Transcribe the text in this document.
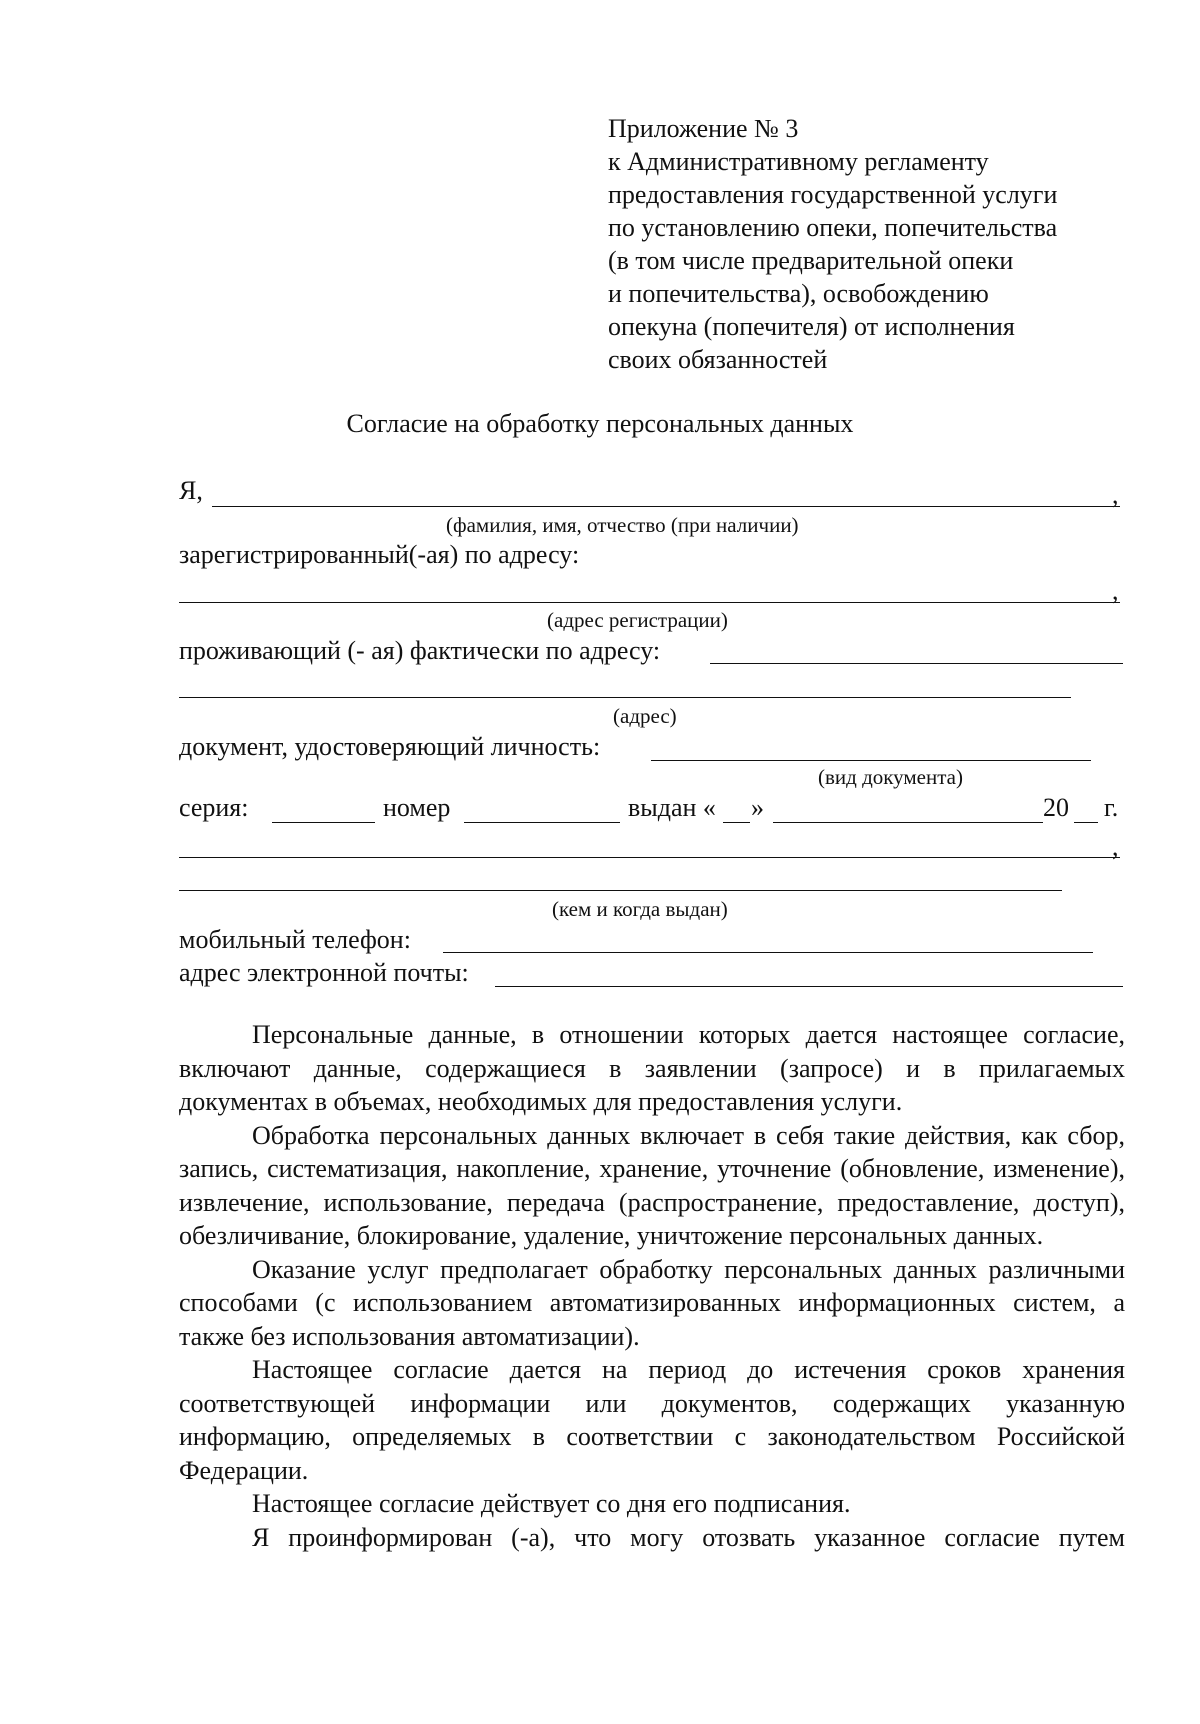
Приложение № 3
к Административному регламенту
предоставления государственной услуги
по установлению опеки, попечительства
(в том числе предварительной опеки
и попечительства), освобождению
опекуна (попечителя) от исполнения
своих обязанностей
Согласие на обработку персональных данных
Я,	,
(фамилия, имя, отчество (при наличии)
зарегистрированный(-ая) по адресу:
,
(адрес регистрации)
проживающий (- ая) фактически по адресу:
(адрес)
документ, удостоверяющий личность:
(вид документа)
серия:	номер	выдан « »	20 г.
,
(кем и когда выдан)
мобильный телефон:
адрес электронной почты:

Персональные данные, в отношении которых дается настоящее согласие, включают данные, содержащиеся в заявлении (запросе) и в прилагаемых документах в объемах, необходимых для предоставления услуги.

Обработка персональных данных включает в себя такие действия, как сбор, запись, систематизация, накопление, хранение, уточнение (обновление, изменение), извлечение, использование, передача (распространение, предоставление, доступ), обезличивание, блокирование, удаление, уничтожение персональных данных.

Оказание услуг предполагает обработку персональных данных различными способами (с использованием автоматизированных информационных систем, а также без использования автоматизации).

Настоящее согласие дается на период до истечения сроков хранения соответствующей информации или документов, содержащих указанную информацию, определяемых в соответствии с законодательством Российской Федерации.

Настоящее согласие действует со дня его подписания.

Я проинформирован (-а), что могу отозвать указанное согласие путем
